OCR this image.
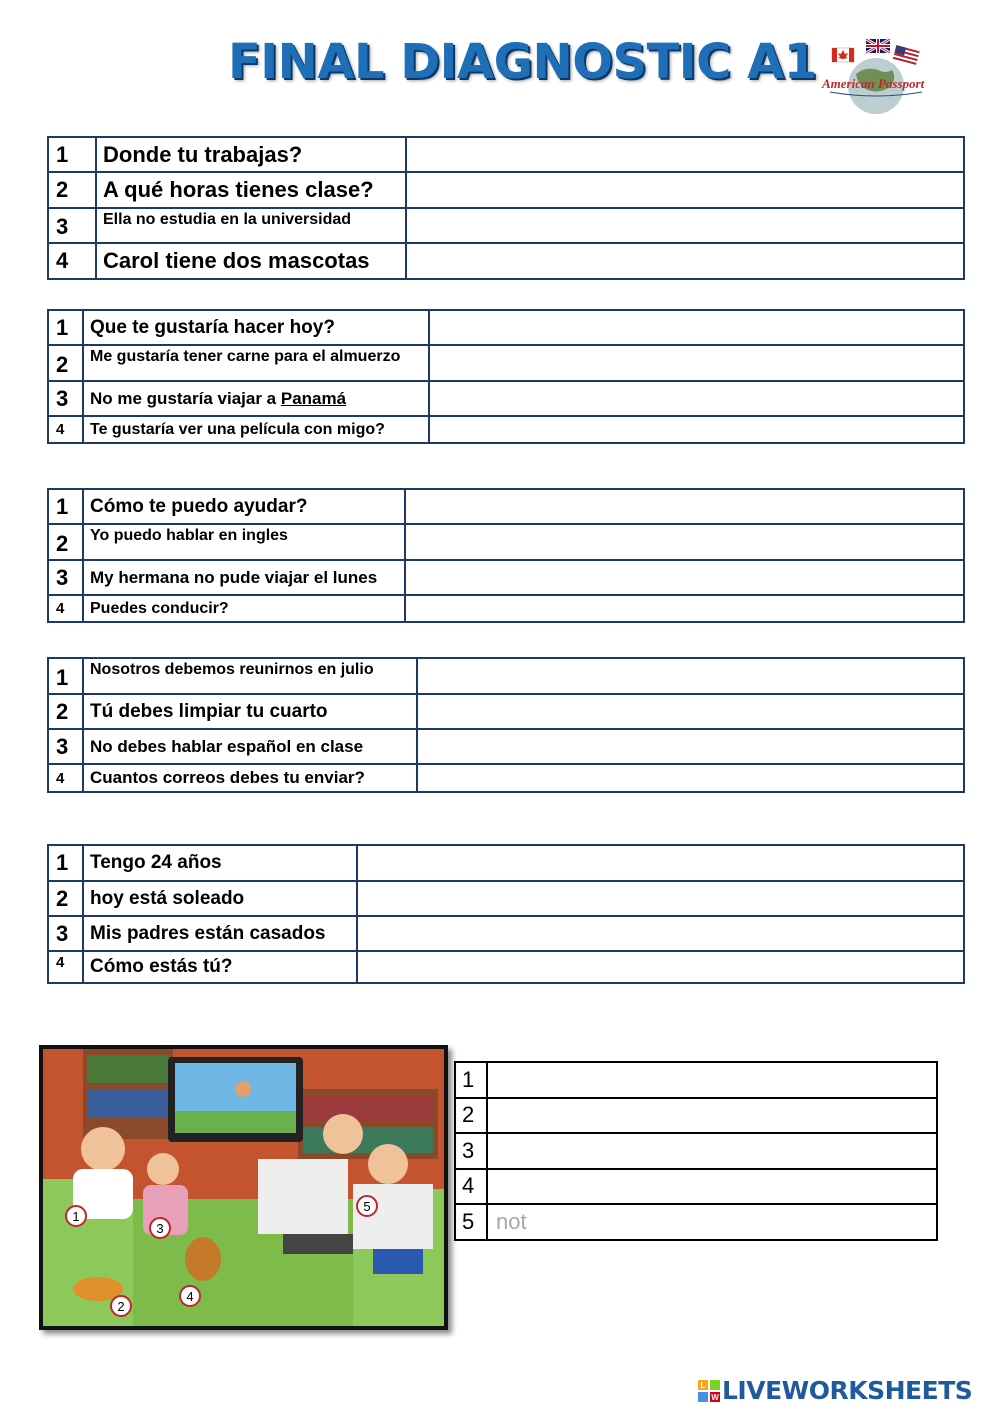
FINAL DIAGNOSTIC A1 American Passport
1	Donde tu trabajas?	
2	A qué horas tienes clase?	
3	Ella no estudia en la universidad	
4	Carol tiene dos mascotas	
1	Que te gustaría hacer hoy?	
2	Me gustaría tener carne para el almuerzo	
3	No me gustaría viajar a Panamá	
4	Te gustaría ver una película con migo?	
1	Cómo te puedo ayudar?	
2	Yo puedo hablar en ingles	
3	My hermana no pude viajar el lunes	
4	Puedes conducir?	
1	Nosotros debemos reunirnos en julio	
2	Tú debes limpiar tu cuarto	
3	No debes hablar español en clase	
4	Cuantos correos debes tu enviar?	
1	Tengo 24 años	
2	hoy está soleado	
3	Mis padres están casados	
4	Cómo estás tú?	
1
2
3
4
5
1	
2	
3	
4	
5	not
L
W LIVEWORKSHEETS
